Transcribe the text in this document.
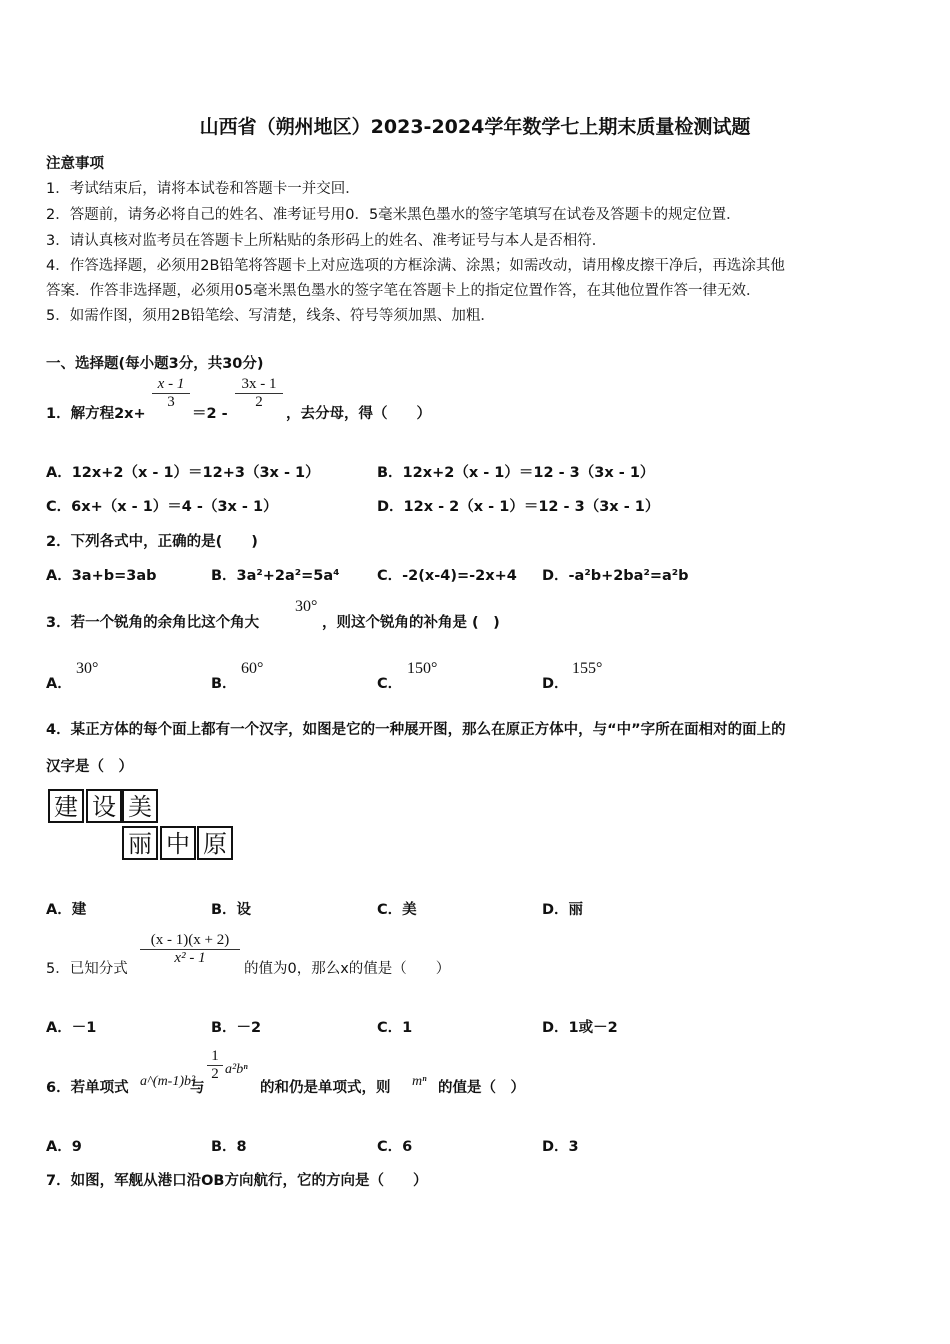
山西省（朔州地区）2023-2024学年数学七上期末质量检测试题
注意事项
1．考试结束后，请将本试卷和答题卡一并交回．
2．答题前，请务必将自己的姓名、准考证号用0．5毫米黑色墨水的签字笔填写在试卷及答题卡的规定位置．
3．请认真核对监考员在答题卡上所粘贴的条形码上的姓名、准考证号与本人是否相符．
4．作答选择题，必须用2B铅笔将答题卡上对应选项的方框涂满、涂黑；如需改动，请用橡皮擦干净后，再选涂其他
答案．作答非选择题，必须用05毫米黑色墨水的签字笔在答题卡上的指定位置作答，在其他位置作答一律无效．
5．如需作图，须用2B铅笔绘、写清楚，线条、符号等须加黑、加粗．
一、选择题(每小题3分，共30分)
1．解方程2x+
x - 1
3
＝2 -
3x - 1
2
，去分母，得（　　）
A．12x+2（x - 1）＝12+3（3x - 1）	B．12x+2（x - 1）＝12 - 3（3x - 1）
C．6x+（x - 1）＝4 -（3x - 1）	D．12x - 2（x - 1）＝12 - 3（3x - 1）
2．下列各式中，正确的是(　　)
A．3a+b=3ab	B．3a²+2a²=5a⁴	C．-2(x-4)=-2x+4 D．-a²b+2ba²=a²b
3．若一个锐角的余角比这个角大
30°
，则这个锐角的补角是 (　)
A．
30°
B．
60°
C．
150°
D．
155°
4．某正方体的每个面上都有一个汉字，如图是它的一种展开图，那么在原正方体中，与“中”字所在面相对的面上的
汉字是（　）
建 设 美
丽 中 原
A．建	B．设	C．美	D．丽
5．已知分式
(x - 1)(x + 2)
x² - 1
的值为0，那么x的值是（　　）
A．－1	B．－2	C．1	D．1或－2
6．若单项式 a^(m-1)b²
与
1
2 a²bⁿ
的和仍是单项式，则 mⁿ 的值是（　）
A．9	B．8	C．6	D．3
7．如图，军舰从港口沿OB方向航行，它的方向是（　　）
